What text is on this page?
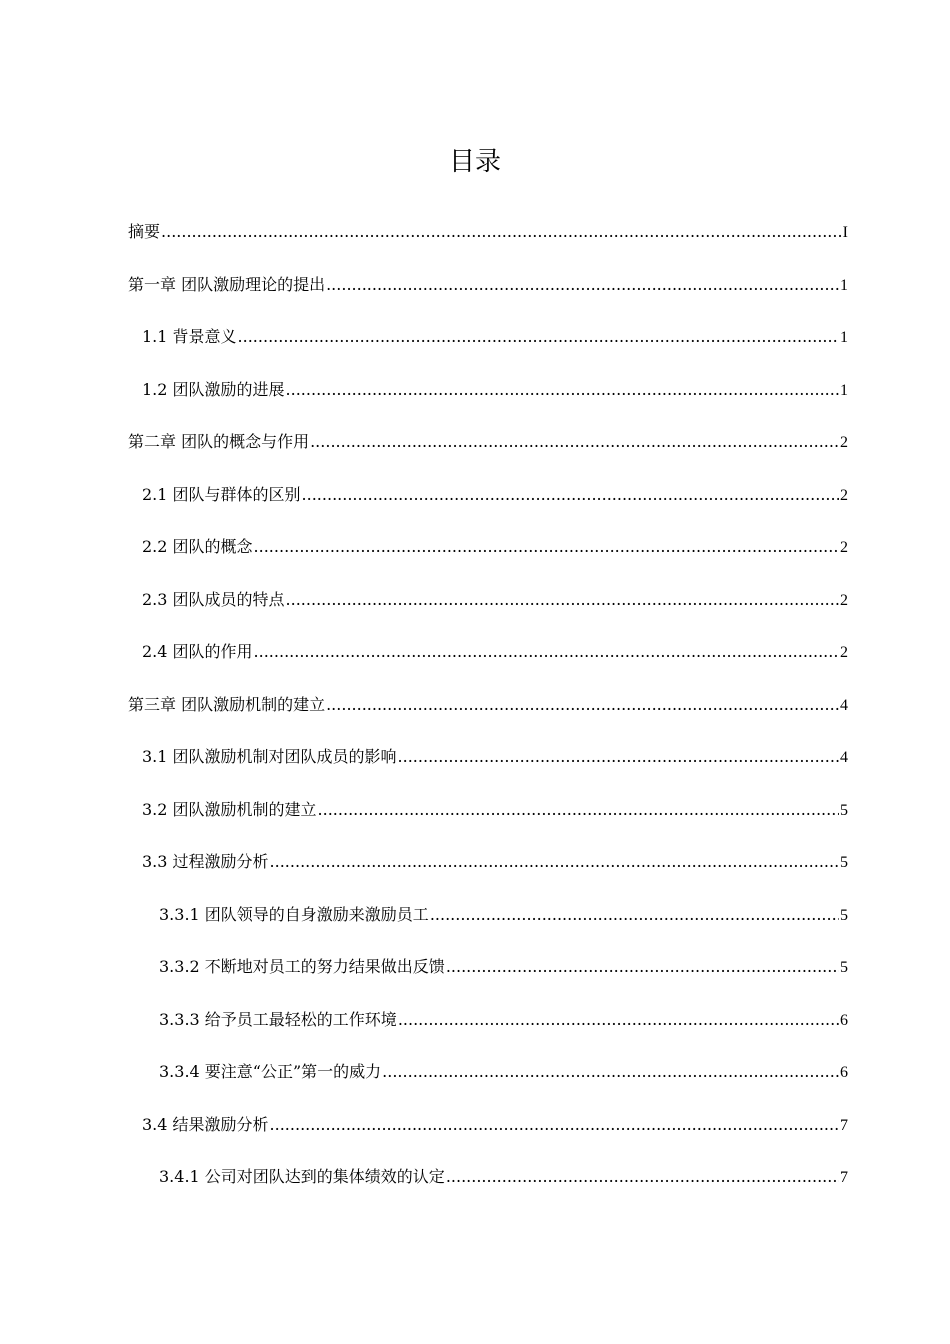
目录
摘要 .....	I
第一章 团队激励理论的提出 .....	1
1.1 背景意义 .....	1
1.2 团队激励的进展 .....	1
第二章 团队的概念与作用 .....	2
2.1 团队与群体的区别 .....	2
2.2 团队的概念 .....	2
2.3 团队成员的特点 .....	2
2.4 团队的作用 .....	2
第三章 团队激励机制的建立 .....	4
3.1 团队激励机制对团队成员的影响 .....	4
3.2 团队激励机制的建立 .....	5
3.3 过程激励分析 .....	5
3.3.1 团队领导的自身激励来激励员工 .....	5
3.3.2 不断地对员工的努力结果做出反馈 .....	5
3.3.3 给予员工最轻松的工作环境 .....	6
3.3.4 要注意“公正”第一的威力 .....	6
3.4 结果激励分析 .....	7
3.4.1 公司对团队达到的集体绩效的认定 .....	7
